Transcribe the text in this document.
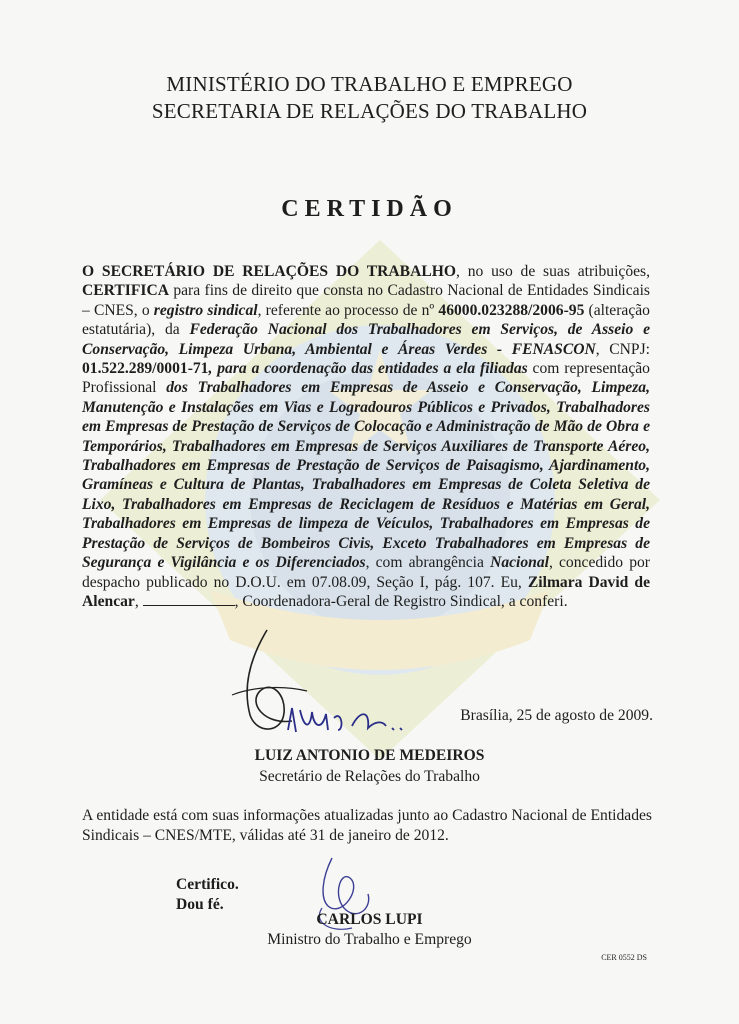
MINISTÉRIO DO TRABALHO E EMPREGO
SECRETARIA DE RELAÇÕES DO TRABALHO
CERTIDÃO
O SECRETÁRIO DE RELAÇÕES DO TRABALHO, no uso de suas atribuições, CERTIFICA para fins de direito que consta no Cadastro Nacional de Entidades Sindicais – CNES, o registro sindical, referente ao processo de nº 46000.023288/2006-95 (alteração estatutária), da Federação Nacional dos Trabalhadores em Serviços, de Asseio e Conservação, Limpeza Urbana, Ambiental e Áreas Verdes - FENASCON, CNPJ: 01.522.289/0001-71, para a coordenação das entidades a ela filiadas com representação Profissional dos Trabalhadores em Empresas de Asseio e Conservação, Limpeza, Manutenção e Instalações em Vias e Logradouros Públicos e Privados, Trabalhadores em Empresas de Prestação de Serviços de Colocação e Administração de Mão de Obra e Temporários, Trabalhadores em Empresas de Serviços Auxiliares de Transporte Aéreo, Trabalhadores em Empresas de Prestação de Serviços de Paisagismo, Ajardinamento, Gramíneas e Cultura de Plantas, Trabalhadores em Empresas de Coleta Seletiva de Lixo, Trabalhadores em Empresas de Reciclagem de Resíduos e Matérias em Geral, Trabalhadores em Empresas de limpeza de Veículos, Trabalhadores em Empresas de Prestação de Serviços de Bombeiros Civis, Exceto Trabalhadores em Empresas de Segurança e Vigilância e os Diferenciados, com abrangência Nacional, concedido por despacho publicado no D.O.U. em 07.08.09, Seção I, pág. 107. Eu, Zilmara David de Alencar,	, Coordenadora-Geral de Registro Sindical, a conferi.
Brasília, 25 de agosto de 2009.
LUIZ ANTONIO DE MEDEIROS
Secretário de Relações do Trabalho
A entidade está com suas informações atualizadas junto ao Cadastro Nacional de Entidades Sindicais – CNES/MTE, válidas até 31 de janeiro de 2012.
Certifico.
Dou fé.
CARLOS LUPI
Ministro do Trabalho e Emprego
CER 0552 DS
